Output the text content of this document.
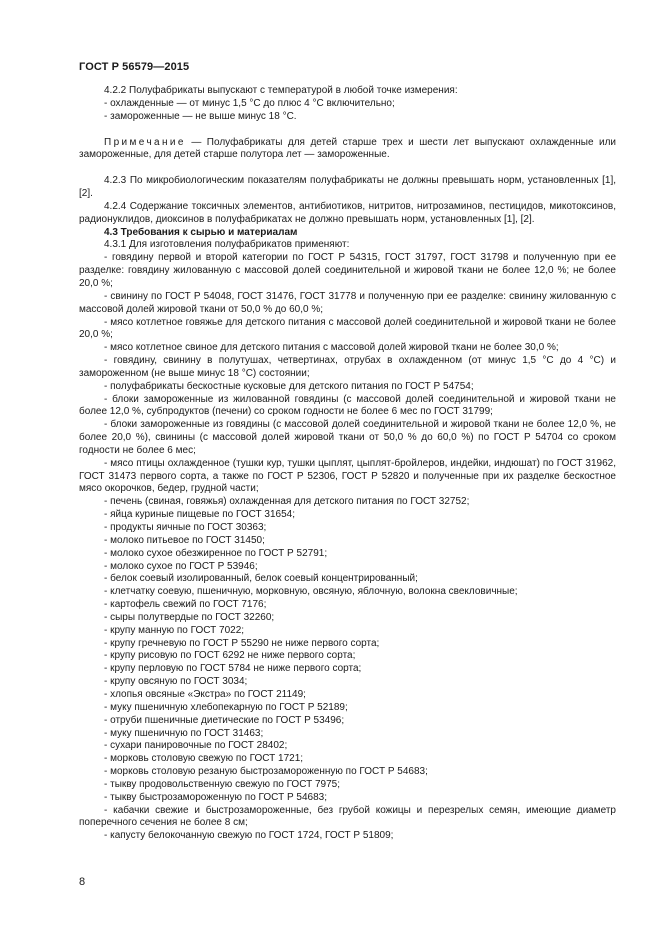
ГОСТ Р 56579—2015

4.2.2 Полуфабрикаты выпускают с температурой в любой точке измерения:

- охлажденные — от минус 1,5 °С до плюс 4 °С включительно;

- замороженные — не выше минус 18 °С.

Примечание — Полуфабрикаты для детей старше трех и шести лет выпускают охлажденные или замороженные, для детей старше полутора лет — замороженные.

4.2.3 По микробиологическим показателям полуфабрикаты не должны превышать норм, установленных [1], [2].

4.2.4 Содержание токсичных элементов, антибиотиков, нитритов, нитрозаминов, пестицидов, микотоксинов, радионуклидов, диоксинов в полуфабрикатах не должно превышать норм, установленных [1], [2].

4.3 Требования к сырью и материалам

4.3.1 Для изготовления полуфабрикатов применяют:

- говядину первой и второй категории по ГОСТ Р 54315, ГОСТ 31797, ГОСТ 31798 и полученную при ее разделке: говядину жилованную с массовой долей соединительной и жировой ткани не более 12,0 %; не более 20,0 %;

- свинину по ГОСТ Р 54048, ГОСТ 31476, ГОСТ 31778 и полученную при ее разделке: свинину жилованную с массовой долей жировой ткани от 50,0 % до 60,0 %;

- мясо котлетное говяжье для детского питания с массовой долей соединительной и жировой ткани не более 20,0 %;

- мясо котлетное свиное для детского питания с массовой долей жировой ткани не более 30,0 %;

- говядину, свинину в полутушах, четвертинах, отрубах в охлажденном (от минус 1,5 °С до 4 °С) и замороженном (не выше минус 18 °С) состоянии;

- полуфабрикаты бескостные кусковые для детского питания по ГОСТ Р 54754;

- блоки замороженные из жилованной говядины (с массовой долей соединительной и жировой ткани не более 12,0 %, субпродуктов (печени) со сроком годности не более 6 мес по ГОСТ 31799;

- блоки замороженные из говядины (с массовой долей соединительной и жировой ткани не более 12,0 %, не более 20,0 %), свинины (с массовой долей жировой ткани от 50,0 % до 60,0 %) по ГОСТ Р 54704 со сроком годности не более 6 мес;

- мясо птицы охлажденное (тушки кур, тушки цыплят, цыплят-бройлеров, индейки, индюшат) по ГОСТ 31962, ГОСТ 31473 первого сорта, а также по ГОСТ Р 52306, ГОСТ Р 52820 и полученные при их разделке бескостное мясо окорочков, бедер, грудной части;

- печень (свиная, говяжья) охлажденная для детского питания по ГОСТ 32752;

- яйца куриные пищевые по ГОСТ 31654;

- продукты яичные по ГОСТ 30363;

- молоко питьевое по ГОСТ 31450;

- молоко сухое обезжиренное по ГОСТ Р 52791;

- молоко сухое по ГОСТ Р 53946;

- белок соевый изолированный, белок соевый концентрированный;

- клетчатку соевую, пшеничную, морковную, овсяную, яблочную, волокна свекловичные;

- картофель свежий по ГОСТ 7176;

- сыры полутвердые по ГОСТ 32260;

- крупу манную по ГОСТ 7022;

- крупу гречневую по ГОСТ Р 55290 не ниже первого сорта;

- крупу рисовую по ГОСТ 6292 не ниже первого сорта;

- крупу перловую по ГОСТ 5784 не ниже первого сорта;

- крупу овсяную по ГОСТ 3034;

- хлопья овсяные «Экстра» по ГОСТ 21149;

- муку пшеничную хлебопекарную по ГОСТ Р 52189;

- отруби пшеничные диетические по ГОСТ Р 53496;

- муку пшеничную по ГОСТ 31463;

- сухари панировочные по ГОСТ 28402;

- морковь столовую свежую по ГОСТ 1721;

- морковь столовую резаную быстрозамороженную по ГОСТ Р 54683;

- тыкву продовольственную свежую по ГОСТ 7975;

- тыкву быстрозамороженную по ГОСТ Р 54683;

- кабачки свежие и быстрозамороженные, без грубой кожицы и перезрелых семян, имеющие диаметр поперечного сечения не более 8 см;

- капусту белокочанную свежую по ГОСТ 1724, ГОСТ Р 51809;

8
